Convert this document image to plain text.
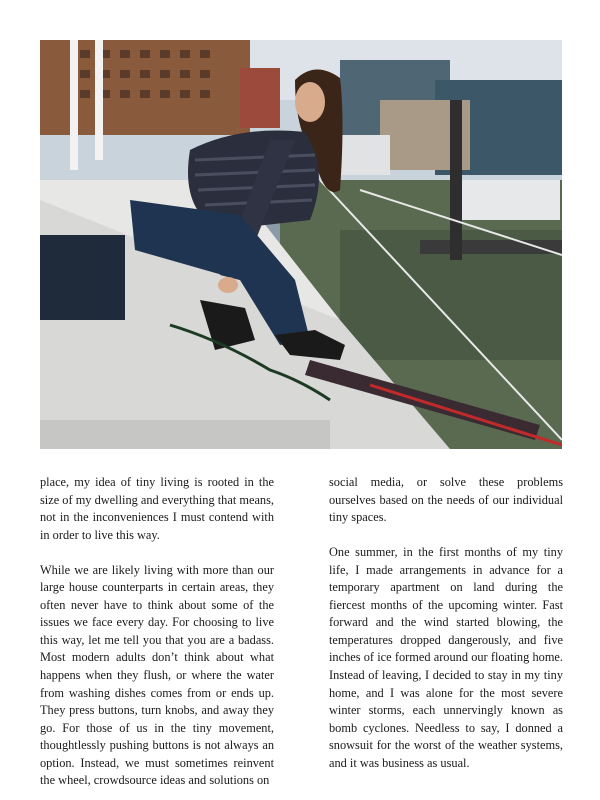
place, my idea of tiny living is rooted in the size of my dwelling and everything that means, not in the inconveniences I must contend with in order to live this way.

While we are likely living with more than our large house counterparts in certain areas, they often never have to think about some of the issues we face every day. For choosing to live this way, let me tell you that you are a badass. Most modern adults don’t think about what happens when they flush, or where the water from washing dishes comes from or ends up. They press buttons, turn knobs, and away they go. For those of us in the tiny movement, thoughtlessly pushing buttons is not always an option. Instead, we must sometimes reinvent the wheel, crowdsource ideas and solutions on

social media, or solve these problems ourselves based on the needs of our individual tiny spaces.

One summer, in the first months of my tiny life, I made arrangements in advance for a temporary apartment on land during the fiercest months of the upcoming winter. Fast forward and the wind started blowing, the temperatures dropped dangerously, and five inches of ice formed around our floating home. Instead of leaving, I decided to stay in my tiny home, and I was alone for the most severe winter storms, each unnervingly known as bomb cyclones. Needless to say, I donned a snowsuit for the worst of the weather systems, and it was business as usual.
